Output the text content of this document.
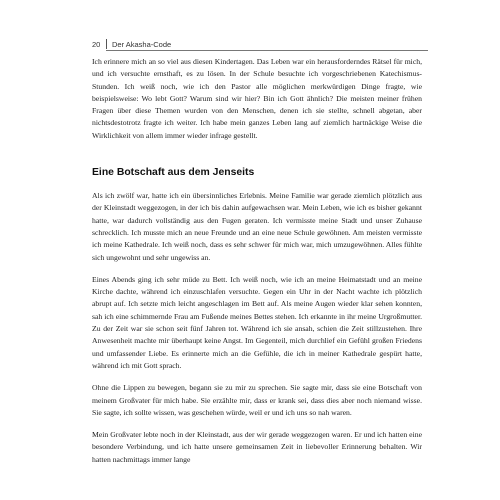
20 Der Akasha-Code

Ich erinnere mich an so viel aus diesen Kindertagen. Das Leben war ein herausforderndes Rätsel für mich, und ich versuchte ernsthaft, es zu lösen. In der Schule besuchte ich vorgeschriebenen Katechismus-Stunden. Ich weiß noch, wie ich den Pastor alle möglichen merkwürdigen Dinge fragte, wie beispielsweise: Wo lebt Gott? Warum sind wir hier? Bin ich Gott ähnlich? Die meisten meiner frühen Fragen über diese Themen wurden von den Menschen, denen ich sie stellte, schnell abgetan, aber nichtsdestotrotz fragte ich weiter. Ich habe mein ganzes Leben lang auf ziemlich hartnäckige Weise die Wirklichkeit von allem immer wieder infrage gestellt.

Eine Botschaft aus dem Jenseits

Als ich zwölf war, hatte ich ein übersinnliches Erlebnis. Meine Familie war gerade ziemlich plötzlich aus der Kleinstadt weggezogen, in der ich bis dahin aufgewachsen war. Mein Leben, wie ich es bisher gekannt hatte, war dadurch vollständig aus den Fugen geraten. Ich vermisste meine Stadt und unser Zuhause schrecklich. Ich musste mich an neue Freunde und an eine neue Schule gewöhnen. Am meisten vermisste ich meine Kathedrale. Ich weiß noch, dass es sehr schwer für mich war, mich umzugewöhnen. Alles fühlte sich ungewohnt und sehr ungewiss an.

Eines Abends ging ich sehr müde zu Bett. Ich weiß noch, wie ich an meine Heimatstadt und an meine Kirche dachte, während ich einzuschlafen versuchte. Gegen ein Uhr in der Nacht wachte ich plötzlich abrupt auf. Ich setzte mich leicht angeschlagen im Bett auf. Als meine Augen wieder klar sehen konnten, sah ich eine schimmernde Frau am Fußende meines Bettes stehen. Ich erkannte in ihr meine Urgroßmutter. Zu der Zeit war sie schon seit fünf Jahren tot. Während ich sie ansah, schien die Zeit stillzustehen. Ihre Anwesenheit machte mir überhaupt keine Angst. Im Gegenteil, mich durchlief ein Gefühl großen Friedens und umfassender Liebe. Es erinnerte mich an die Gefühle, die ich in meiner Kathedrale gespürt hatte, während ich mit Gott sprach.

Ohne die Lippen zu bewegen, begann sie zu mir zu sprechen. Sie sagte mir, dass sie eine Botschaft von meinem Großvater für mich habe. Sie erzählte mir, dass er krank sei, dass dies aber noch niemand wisse. Sie sagte, ich sollte wissen, was geschehen würde, weil er und ich uns so nah waren.

Mein Großvater lebte noch in der Kleinstadt, aus der wir gerade weggezogen waren. Er und ich hatten eine besondere Verbindung, und ich hatte unsere gemeinsamen Zeit in liebevoller Erinnerung behalten. Wir hatten nachmittags immer lange
